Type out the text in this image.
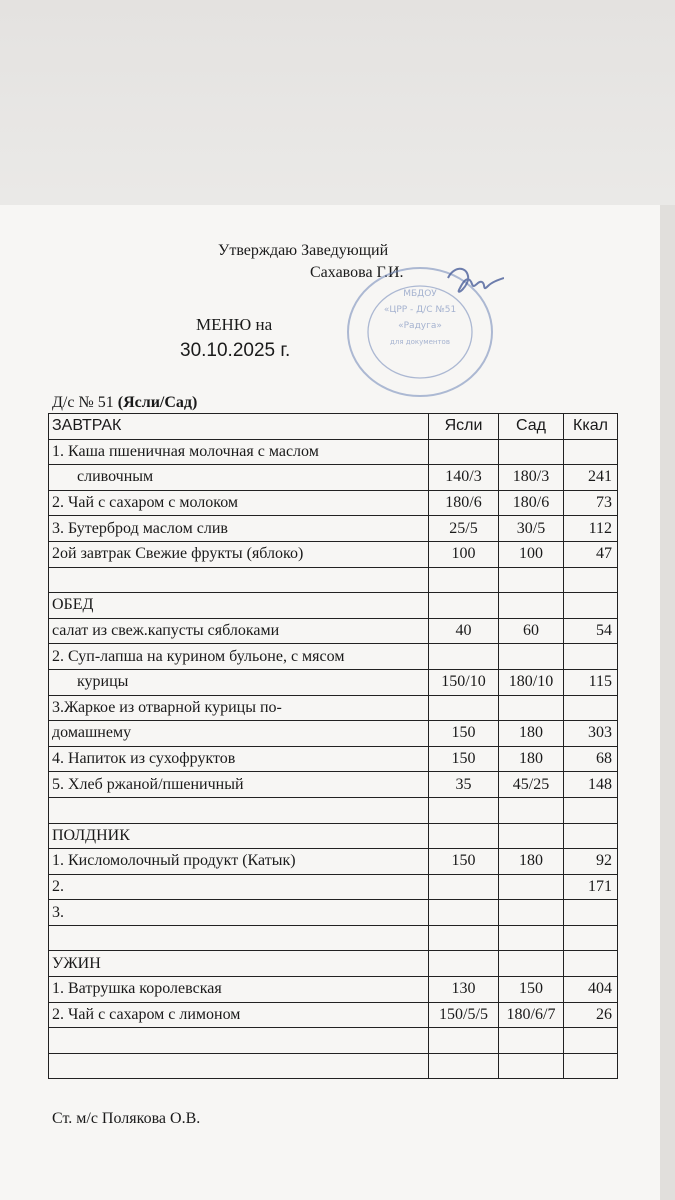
Утверждаю Заведующий
Сахавова Г.И.
МБДОУ
«ЦРР - Д/С №51
«Радуга»
для документов
МЕНЮ на
30.10.2025 г.
Д/с № 51 (Ясли/Сад)
ЗАВТРАК	Ясли	Сад	Ккал
1. Каша пшеничная молочная с маслом			
сливочным	140/3	180/3	241
2. Чай с сахаром с молоком	180/6	180/6	73
3. Бутерброд маслом слив	25/5	30/5	112
2ой завтрак Свежие фрукты (яблоко)	100	100	47

ОБЕД			
салат из свеж.капусты сяблоками	40	60	54
2. Суп-лапша на курином бульоне, с мясом			
курицы	150/10	180/10	115
3.Жаркое из отварной курицы по-			
домашнему	150	180	303
4. Напиток из сухофруктов	150	180	68
5. Хлеб ржаной/пшеничный	35	45/25	148

ПОЛДНИК			
1. Кисломолочный продукт (Катык)	150	180	92
2.			171
3.			

УЖИН			
1. Ватрушка королевская	130	150	404
2. Чай с сахаром с лимоном	150/5/5	180/6/7	26

Ст. м/с Полякова О.В.
